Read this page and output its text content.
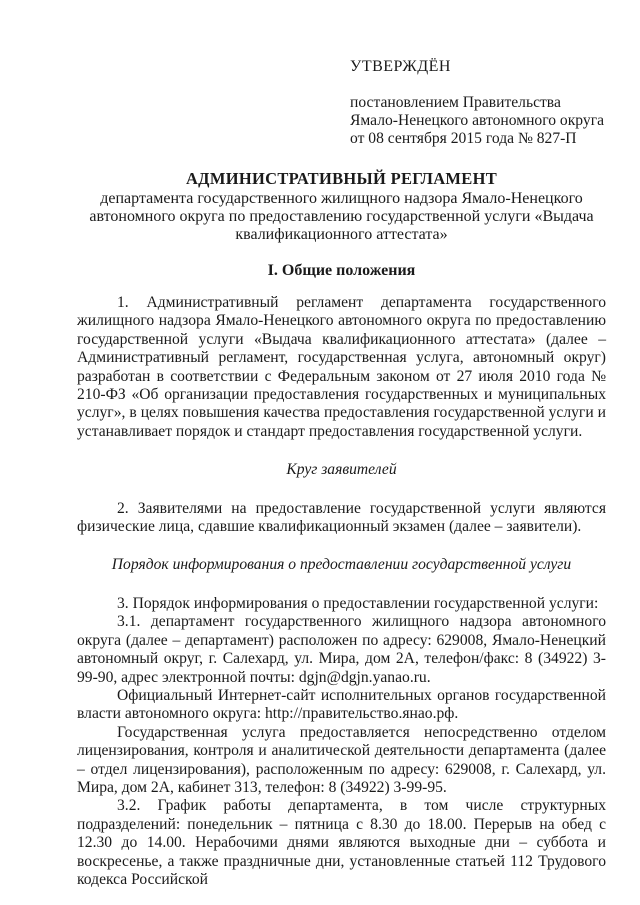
УТВЕРЖДЁН
постановлением Правительства
Ямало-Ненецкого автономного округа
от 08 сентября 2015 года № 827-П
АДМИНИСТРАТИВНЫЙ РЕГЛАМЕНТ
департамента государственного жилищного надзора Ямало-Ненецкого
автономного округа по предоставлению государственной услуги «Выдача
квалификационного аттестата»
I. Общие положения

1. Административный регламент департамента государственного жилищного надзора Ямало-Ненецкого автономного округа по предоставлению государственной услуги «Выдача квалификационного аттестата» (далее – Административный регламент, государственная услуга, автономный округ) разработан в соответствии с Федеральным законом от 27 июля 2010 года № 210-ФЗ «Об организации предоставления государственных и муниципальных услуг», в целях повышения качества предоставления государственной услуги и устанавливает порядок и стандарт предоставления государственной услуги.

Круг заявителей

2. Заявителями на предоставление государственной услуги являются физические лица, сдавшие квалификационный экзамен (далее – заявители).

Порядок информирования о предоставлении государственной услуги

3. Порядок информирования о предоставлении государственной услуги:

3.1. департамент государственного жилищного надзора автономного округа (далее – департамент) расположен по адресу: 629008, Ямало-Ненецкий автономный округ, г. Салехард, ул. Мира, дом 2А, телефон/факс: 8 (34922) 3-99-90, адрес электронной почты: dgjn@dgjn.yanao.ru.

Официальный Интернет-сайт исполнительных органов государственной власти автономного округа: http://правительство.янао.рф.

Государственная услуга предоставляется непосредственно отделом лицензирования, контроля и аналитической деятельности департамента (далее – отдел лицензирования), расположенным по адресу: 629008, г. Салехард, ул. Мира, дом 2А, кабинет 313, телефон: 8 (34922) 3-99-95.

3.2. График работы департамента, в том числе структурных подразделений: понедельник – пятница с 8.30 до 18.00. Перерыв на обед с 12.30 до 14.00. Нерабочими днями являются выходные дни – суббота и воскресенье, а также праздничные дни, установленные статьей 112 Трудового кодекса Российской
